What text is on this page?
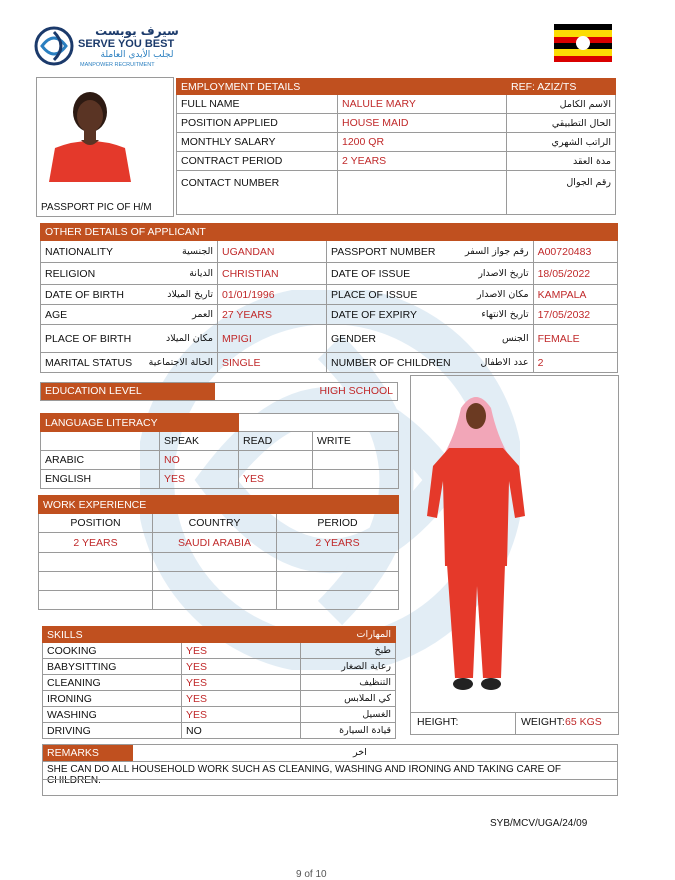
سيرف يوبست
SERVE YOU BEST
لجلب الأيدي العاملة
MANPOWER RECRUITMENT
PASSPORT PIC OF H/M
EMPLOYMENT DETAILS		REF: AZIZ/TS
FULL NAME	NALULE MARY	الاسم الكامل
POSITION APPLIED	HOUSE MAID	الحال التطبيقي
MONTHLY SALARY	1200 QR	الراتب الشهري
CONTRACT PERIOD	2 YEARS	مدة العقد
CONTACT NUMBER		رقم الجوال
OTHER DETAILS OF APPLICANT					
NATIONALITY	الجنسية	UGANDAN	PASSPORT NUMBER	رقم جواز السفر	A00720483
RELIGION	الديانة	CHRISTIAN	DATE OF ISSUE	تاريخ الاصدار	18/05/2022
DATE OF BIRTH	تاريخ الميلاد	01/01/1996	PLACE OF ISSUE	مكان الاصدار	KAMPALA
AGE	العمر	27 YEARS	DATE OF EXPIRY	تاريخ الانتهاء	17/05/2032
PLACE OF BIRTH	مكان الميلاد	MPIGI	GENDER	الجنس	FEMALE
MARITAL STATUS	الحالة الاجتماعية	SINGLE	NUMBER OF CHILDREN	عدد الاطفال	2
EDUCATION LEVEL	HIGH SCHOOL
LANGUAGE LITERACY			
	SPEAK	READ	WRITE
ARABIC	NO		
ENGLISH	YES	YES	
WORK EXPERIENCE		
POSITION	COUNTRY	PERIOD
2 YEARS	SAUDI ARABIA	2 YEARS

HEIGHT:	WEIGHT: 65 KGS
SKILLS		المهارات
COOKING	YES	طبخ
BABYSITTING	YES	رعاية الصغار
CLEANING	YES	التنظيف
IRONING	YES	كي الملابس
WASHING	YES	الغسيل
DRIVING	NO	قيادة السيارة
REMARKS	اخر
SHE CAN DO ALL HOUSEHOLD WORK SUCH AS CLEANING, WASHING AND IRONING AND TAKING CARE OF CHILDREN.
SYB/MCV/UGA/24/09
9 of 10
